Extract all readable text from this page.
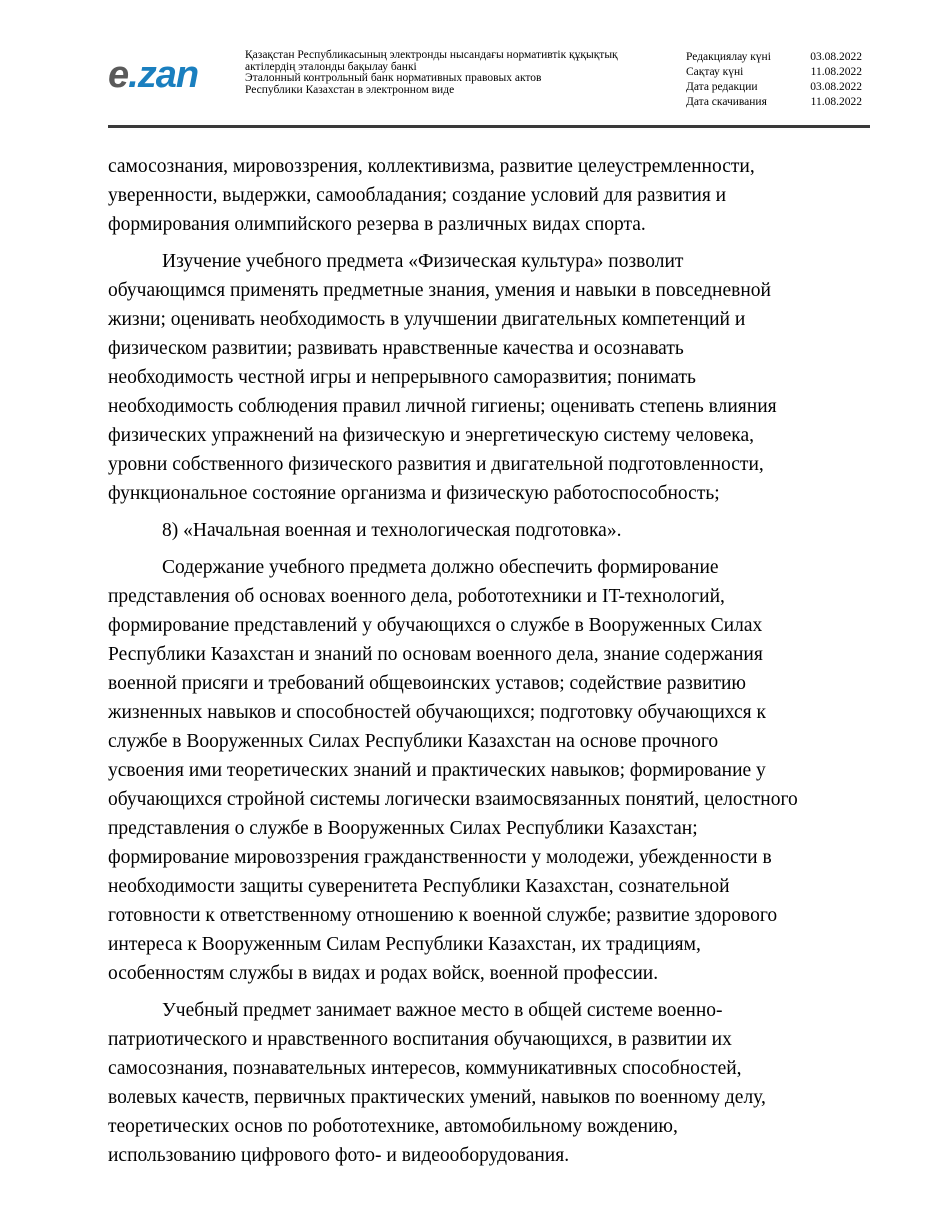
e.zan	Қазақстан Республикасының электронды нысандағы нормативтік құқықтық
актілердің эталонды бақылау банкі
Эталонный контрольный банк нормативных правовых актов
Республики Казахстан в электронном виде
Редакциялау күні	03.08.2022
Сақтау күні	11.08.2022
Дата редакции	03.08.2022
Дата скачивания	11.08.2022

самосознания, мировоззрения, коллективизма, развитие целеустремленности,
уверенности, выдержки, самообладания; создание условий для развития и
формирования олимпийского резерва в различных видах спорта.

Изучение учебного предмета «Физическая культура» позволит
обучающимся применять предметные знания, умения и навыки в повседневной
жизни; оценивать необходимость в улучшении двигательных компетенций и
физическом развитии; развивать нравственные качества и осознавать
необходимость честной игры и непрерывного саморазвития; понимать
необходимость соблюдения правил личной гигиены; оценивать степень влияния
физических упражнений на физическую и энергетическую систему человека,
уровни собственного физического развития и двигательной подготовленности,
функциональное состояние организма и физическую работоспособность;

8) «Начальная военная и технологическая подготовка».

Содержание учебного предмета должно обеспечить формирование
представления об основах военного дела, робототехники и IT-технологий,
формирование представлений у обучающихся о службе в Вооруженных Силах
Республики Казахстан и знаний по основам военного дела, знание содержания
военной присяги и требований общевоинских уставов; содействие развитию
жизненных навыков и способностей обучающихся; подготовку обучающихся к
службе в Вооруженных Силах Республики Казахстан на основе прочного
усвоения ими теоретических знаний и практических навыков; формирование у
обучающихся стройной системы логически взаимосвязанных понятий, целостного
представления о службе в Вооруженных Силах Республики Казахстан;
формирование мировоззрения гражданственности у молодежи, убежденности в
необходимости защиты суверенитета Республики Казахстан, сознательной
готовности к ответственному отношению к военной службе; развитие здорового
интереса к Вооруженным Силам Республики Казахстан, их традициям,
особенностям службы в видах и родах войск, военной профессии.

Учебный предмет занимает важное место в общей системе военно-
патриотического и нравственного воспитания обучающихся, в развитии их
самосознания, познавательных интересов, коммуникативных способностей,
волевых качеств, первичных практических умений, навыков по военному делу,
теоретических основ по робототехнике, автомобильному вождению,
использованию цифрового фото- и видеооборудования.
